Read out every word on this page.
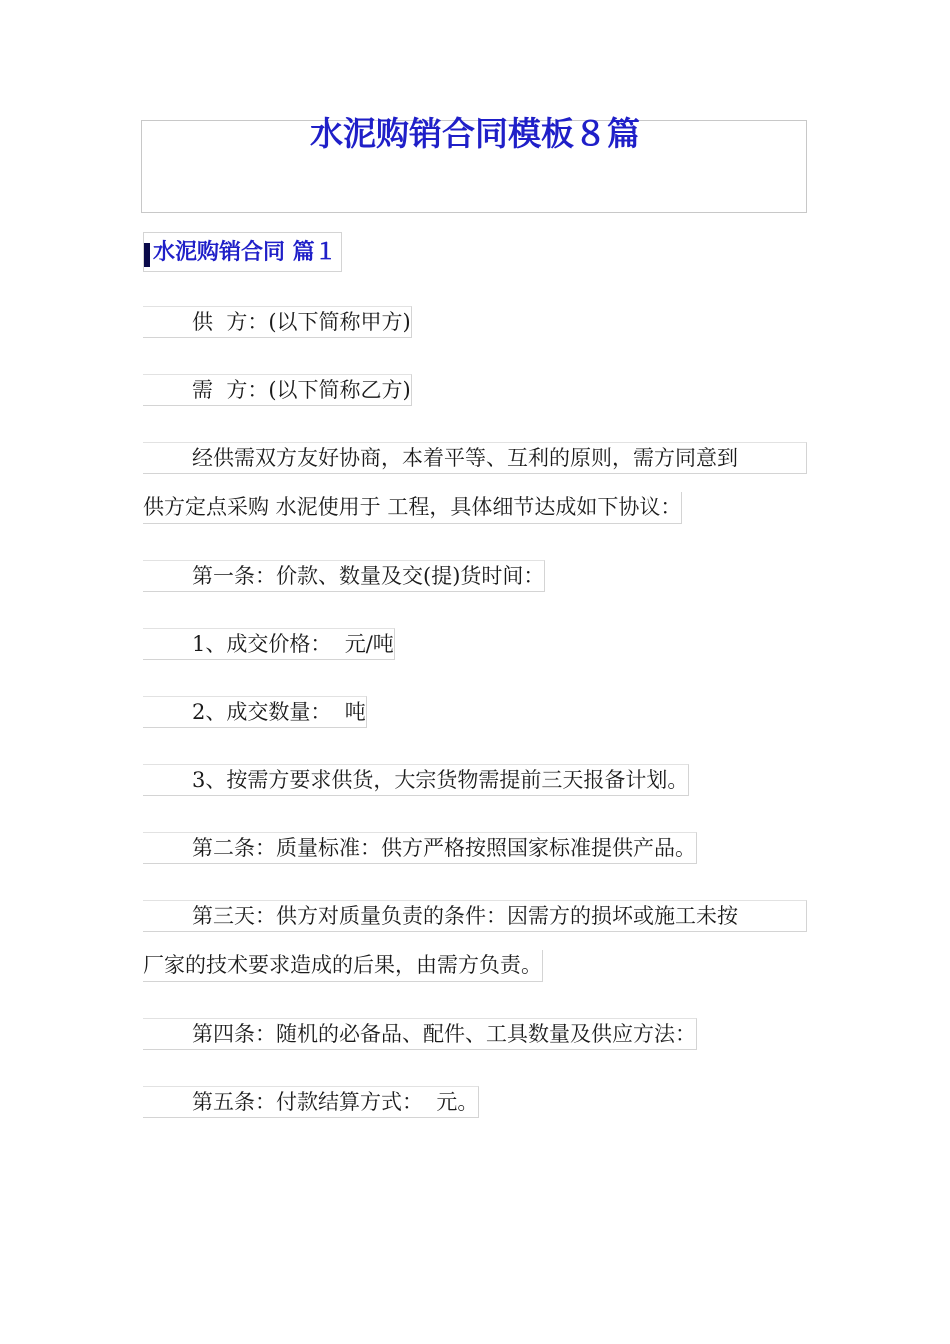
水泥购销合同模板８篇
水泥购销合同 篇１
供  方：(以下简称甲方)
需  方：(以下简称乙方)
经供需双方友好协商，本着平等、互利的原则，需方同意到
供方定点采购 水泥使用于 工程，具体细节达成如下协议：
第一条：价款、数量及交(提)货时间：
1、成交价格：  元/吨
2、成交数量：  吨
3、按需方要求供货，大宗货物需提前三天报备计划。
第二条：质量标准：供方严格按照国家标准提供产品。
第三天：供方对质量负责的条件：因需方的损坏或施工未按
厂家的技术要求造成的后果，由需方负责。
第四条：随机的必备品、配件、工具数量及供应方法：
第五条：付款结算方式：  元。
